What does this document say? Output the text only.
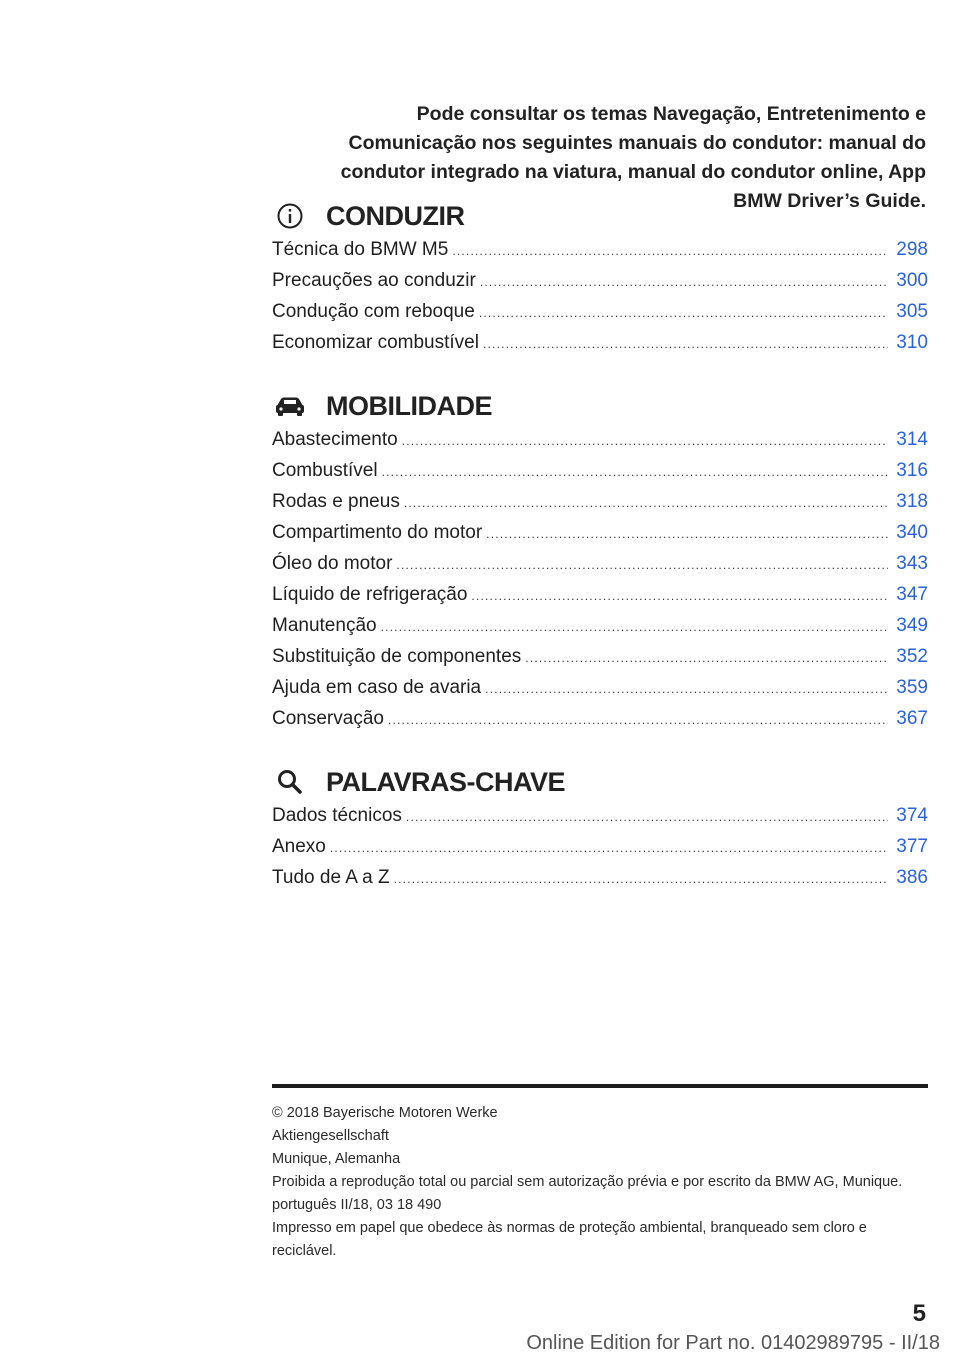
Pode consultar os temas Navegação, Entretenimento e Comunicação nos seguintes manuais do condutor: manual do condutor integrado na viatura, manual do condutor online, App BMW Driver’s Guide.
CONDUZIR
Técnica do BMW M5 .....	298
Precauções ao conduzir .....	300
Condução com reboque .....	305
Economizar combustível .....	310
MOBILIDADE
Abastecimento .....	314
Combustível .....	316
Rodas e pneus .....	318
Compartimento do motor .....	340
Óleo do motor .....	343
Líquido de refrigeração .....	347
Manutenção .....	349
Substituição de componentes .....	352
Ajuda em caso de avaria .....	359
Conservação .....	367
PALAVRAS-CHAVE
Dados técnicos .....	374
Anexo .....	377
Tudo de A a Z .....	386
© 2018 Bayerische Motoren Werke
Aktiengesellschaft
Munique, Alemanha
Proibida a reprodução total ou parcial sem autorização prévia e por escrito da BMW AG, Munique.
português II/18, 03 18 490
Impresso em papel que obedece às normas de proteção ambiental, branqueado sem cloro e reciclável.
5
Online Edition for Part no. 01402989795 - II/18
